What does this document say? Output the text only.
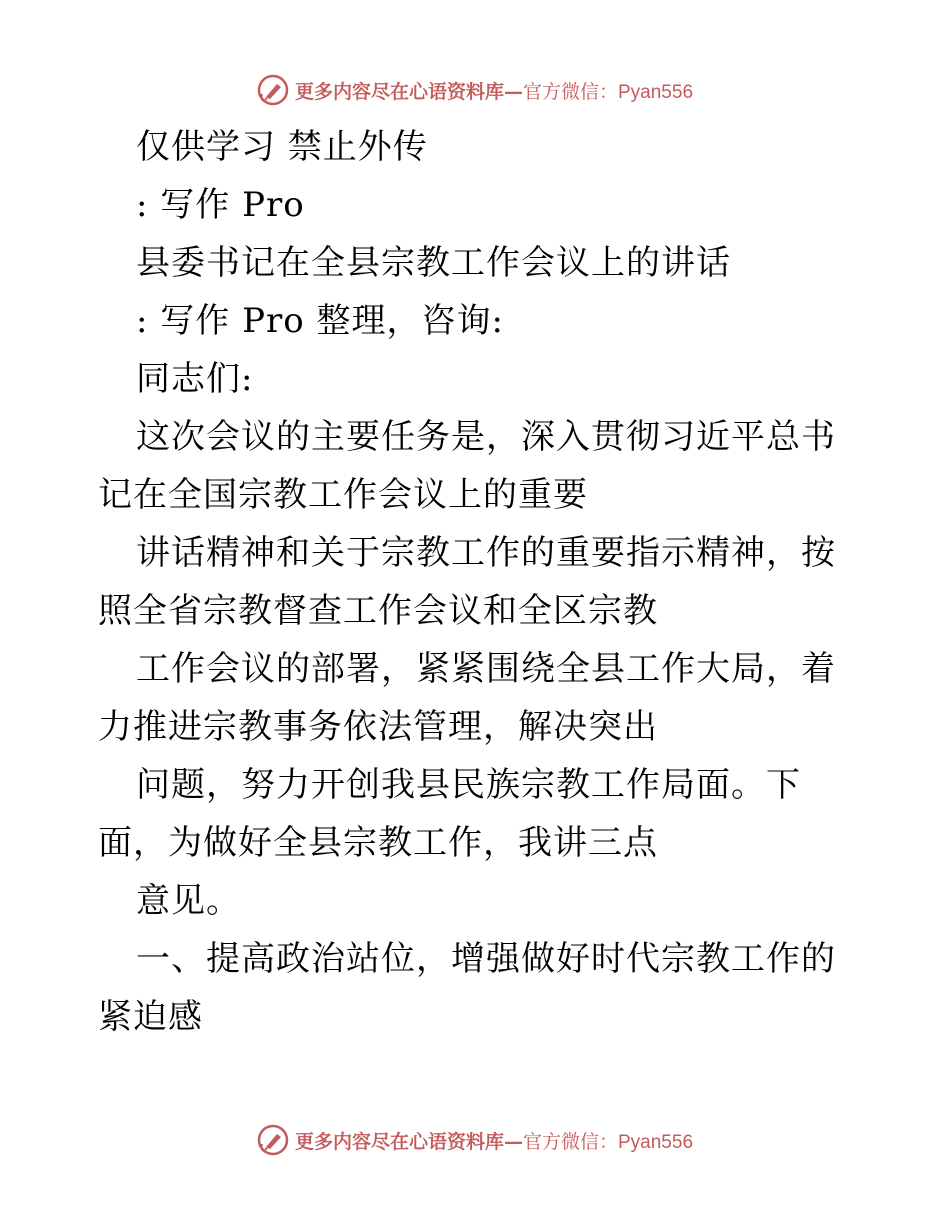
更多内容尽在心语资料库— 官方微信：Pyan556

仅供学习 禁止外传

: 写作 Pro

县委书记在全县宗教工作会议上的讲话

: 写作 Pro 整理，咨询:

同志们:

这次会议的主要任务是，深入贯彻习近平总书记在全国宗教工作会议上的重要

讲话精神和关于宗教工作的重要指示精神，按照全省宗教督查工作会议和全区宗教

工作会议的部署，紧紧围绕全县工作大局，着力推进宗教事务依法管理，解决突出

问题，努力开创我县民族宗教工作局面。下面，为做好全县宗教工作，我讲三点

意见。

一、提高政治站位，增强做好时代宗教工作的紧迫感

更多内容尽在心语资料库— 官方微信：Pyan556
